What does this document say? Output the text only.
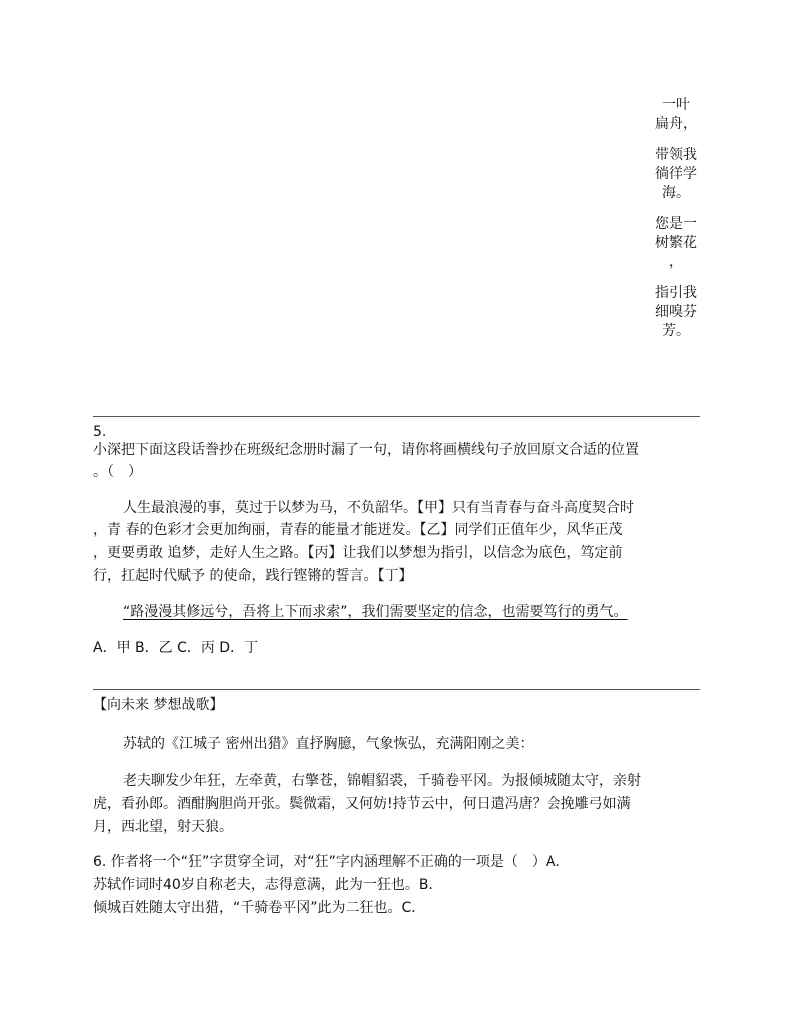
一叶
扁舟，
带领我
徜徉学
海。
您是一
树繁花
，
指引我
细嗅芬
芳。
5.
小深把下面这段话誊抄在班级纪念册时漏了一句，请你将画横线句子放回原文合适的位置
。（　）
人生最浪漫的事，莫过于以梦为马，不负韶华。【甲】只有当青春与奋斗高度契合时
，青 春的色彩才会更加绚丽，青春的能量才能迸发。【乙】同学们正值年少，风华正茂
，更要勇敢 追梦，走好人生之路。【丙】让我们以梦想为指引，以信念为底色，笃定前
行，扛起时代赋予 的使命，践行铿锵的誓言。【丁】
“路漫漫其修远兮，吾将上下而求索”，我们需要坚定的信念，也需要笃行的勇气。
A．甲 B．乙 C．丙 D．丁
【向未来 梦想战歌】
苏轼的《江城子 密州出猎》直抒胸臆，气象恢弘，充满阳刚之美：
老夫聊发少年狂，左牵黄，右擎苍，锦帽貂裘，千骑卷平冈。为报倾城随太守，亲射
虎，看孙郎。酒酣胸胆尚开张。鬓微霜，又何妨!持节云中，何日遣冯唐？会挽雕弓如满
月，西北望，射天狼。
6. 作者将一个“狂”字贯穿全词，对“狂”字内涵理解不正确的一项是（　）A．
苏轼作词时40岁自称老夫，志得意满，此为一狂也。B．
倾城百姓随太守出猎，“千骑卷平冈”此为二狂也。C．
